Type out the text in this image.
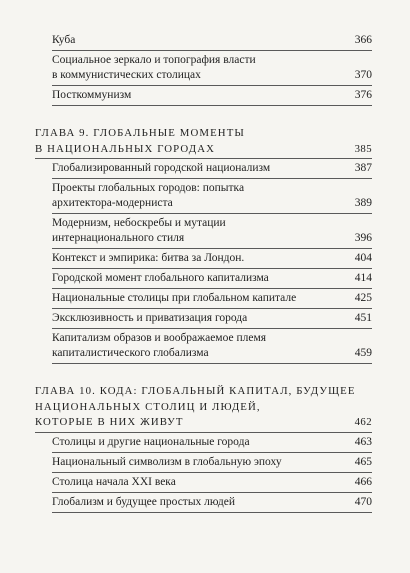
Куба	366
Социальное зеркало и топография власти
в коммунистических столицах	370
Посткоммунизм	376
ГЛАВА 9. ГЛОБАЛЬНЫЕ МОМЕНТЫ
В НАЦИОНАЛЬНЫХ ГОРОДАХ	385
Глобализированный городской национализм	387
Проекты глобальных городов: попытка
архитектора-модерниста	389
Модернизм, небоскребы и мутации
интернационального стиля	396
Контекст и эмпирика: битва за Лондон.	404
Городской момент глобального капитализма	414
Национальные столицы при глобальном капитале	425
Эксклюзивность и приватизация города	451
Капитализм образов и воображаемое племя
капиталистического глобализма	459
ГЛАВА 10. КОДА: ГЛОБАЛЬНЫЙ КАПИТАЛ, БУДУЩЕЕ
НАЦИОНАЛЬНЫХ СТОЛИЦ И ЛЮДЕЙ,
КОТОРЫЕ В НИХ ЖИВУТ	462
Столицы и другие национальные города	463
Национальный символизм в глобальную эпоху	465
Столица начала XXI века	466
Глобализм и будущее простых людей	470
